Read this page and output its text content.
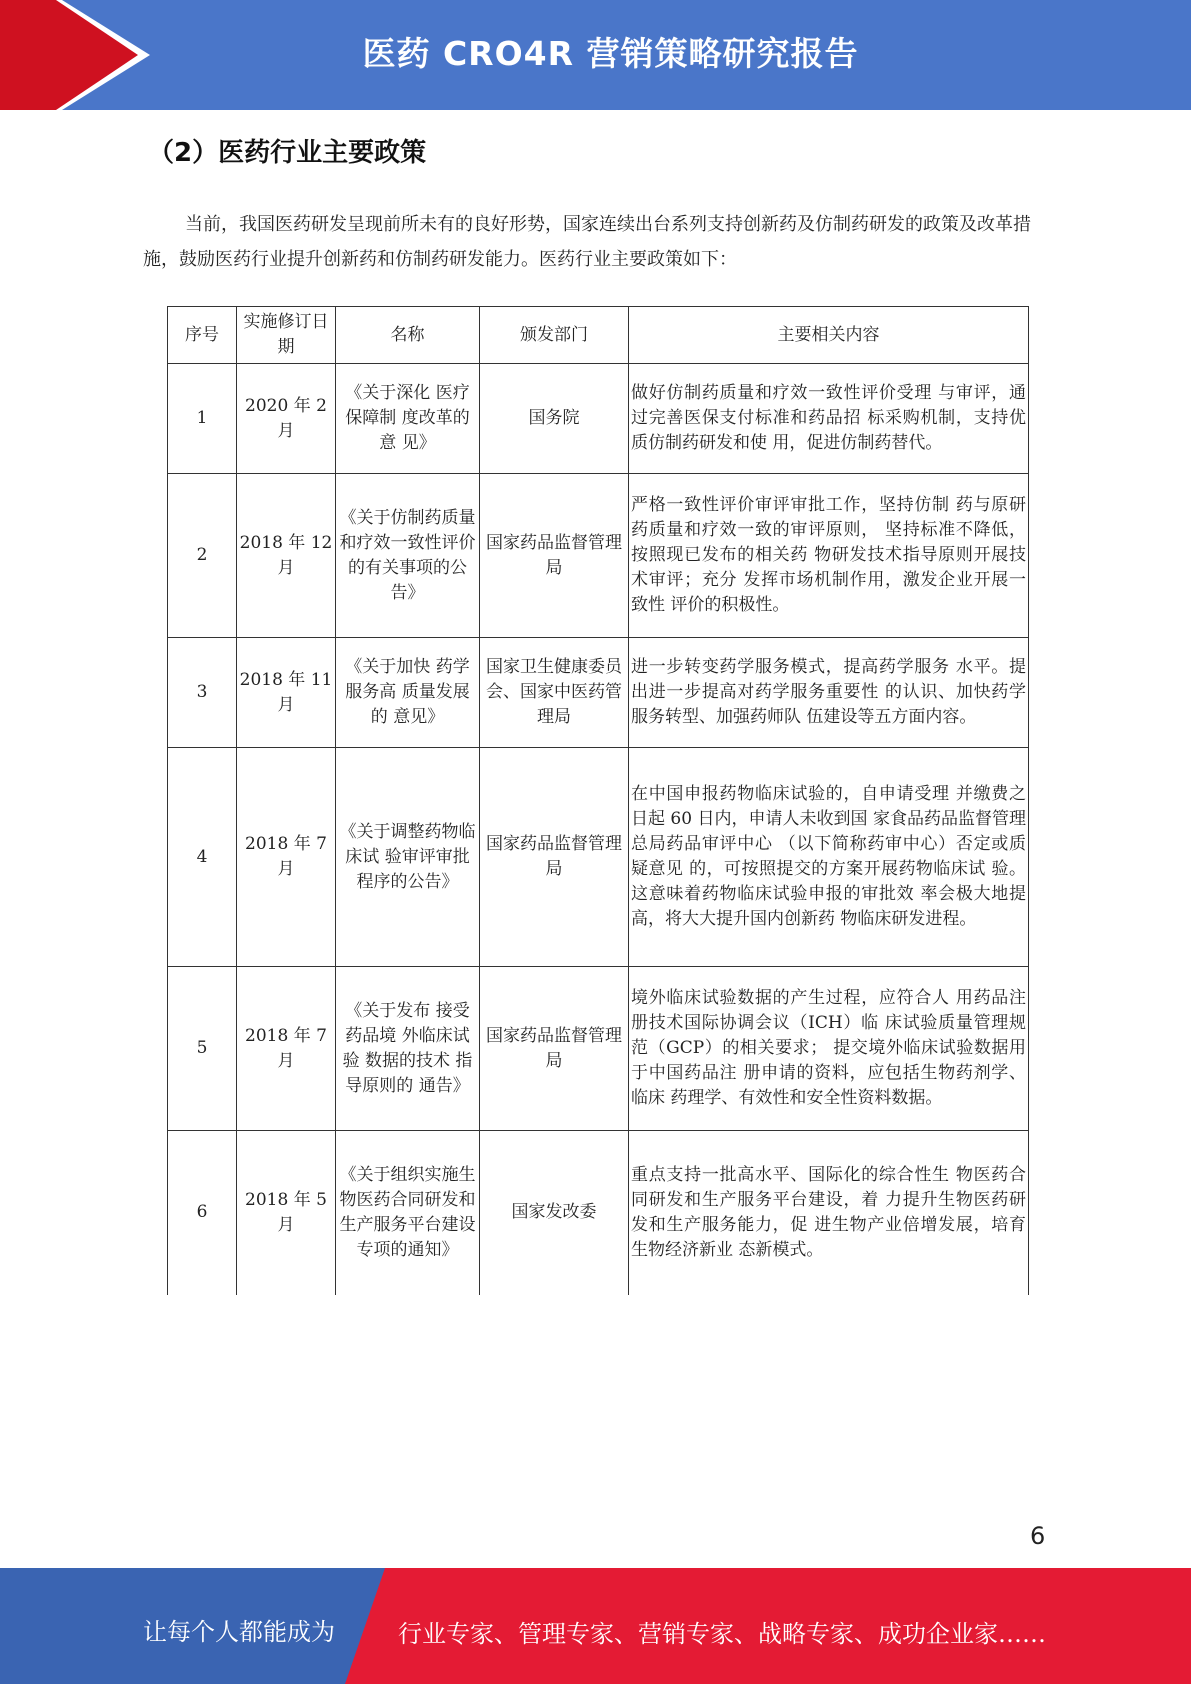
医药 CRO4R 营销策略研究报告
（2）医药行业主要政策
当前，我国医药研发呈现前所未有的良好形势，国家连续出台系列支持创新药及仿制药研发的政策及改革措施，鼓励医药行业提升创新药和仿制药研发能力。医药行业主要政策如下：
序号	实施修订日期	名称	颁发部门	主要相关内容
1	2020 年 2 月	《关于深化 医疗保障制 度改革的意 见》	国务院	做好仿制药质量和疗效一致性评价受理 与审评，通过完善医保支付标准和药品招 标采购机制，支持优质仿制药研发和使 用，促进仿制药替代。
2	2018 年 12 月	《关于仿制药质量和疗效一致性评价的有关事项的公告》	国家药品监督管理局	严格一致性评价审评审批工作，坚持仿制 药与原研药质量和疗效一致的审评原则， 坚持标准不降低，按照现已发布的相关药 物研发技术指导原则开展技术审评；充分 发挥市场机制作用，激发企业开展一致性 评价的积极性。
3	2018 年 11 月	《关于加快 药学服务高 质量发展的 意见》	国家卫生健康委员会、国家中医药管理局	进一步转变药学服务模式，提高药学服务 水平。提出进一步提高对药学服务重要性 的认识、加快药学服务转型、加强药师队 伍建设等五方面内容。
4	2018 年 7 月	《关于调整药物临床试 验审评审批 程序的公告》	国家药品监督管理局	在中国申报药物临床试验的，自申请受理 并缴费之日起 60 日内，申请人未收到国 家食品药品监督管理总局药品审评中心 （以下简称药审中心）否定或质疑意见 的，可按照提交的方案开展药物临床试 验。这意味着药物临床试验申报的审批效 率会极大地提高，将大大提升国内创新药 物临床研发进程。
5	2018 年 7 月	《关于发布 接受药品境 外临床试验 数据的技术 指导原则的 通告》	国家药品监督管理局	境外临床试验数据的产生过程，应符合人 用药品注册技术国际协调会议（ICH）临 床试验质量管理规范（GCP）的相关要求； 提交境外临床试验数据用于中国药品注 册申请的资料，应包括生物药剂学、临床 药理学、有效性和安全性资料数据。
6	2018 年 5 月	《关于组织实施生物医药合同研发和生产服务平台建设专项的通知》	国家发改委	重点支持一批高水平、国际化的综合性生 物医药合同研发和生产服务平台建设，着 力提升生物医药研发和生产服务能力，促 进生物产业倍增发展，培育生物经济新业 态新模式。
6
让每个人都能成为	行业专家、管理专家、营销专家、战略专家、成功企业家……
